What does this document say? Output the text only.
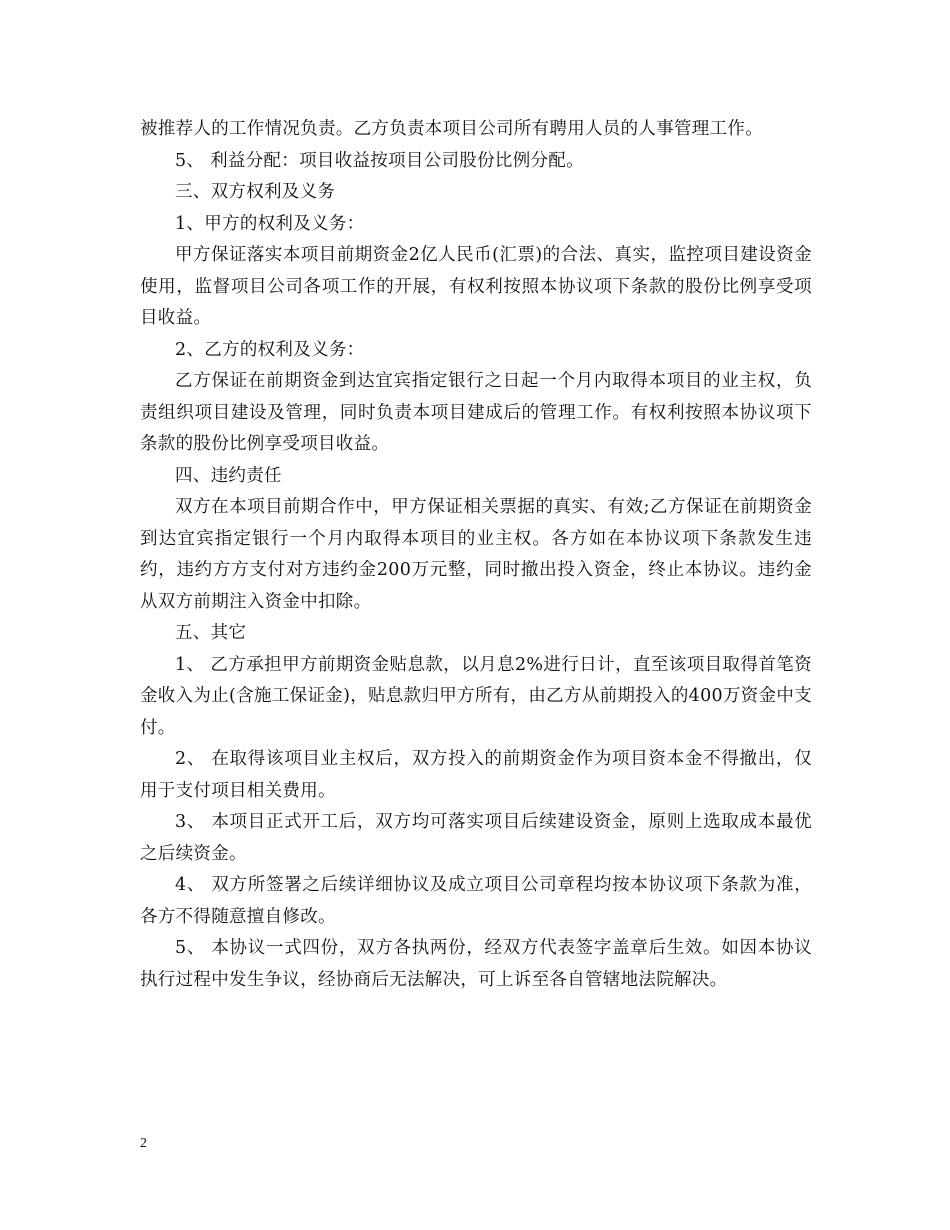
被推荐人的工作情况负责。乙方负责本项目公司所有聘用人员的人事管理工作。

5、 利益分配：项目收益按项目公司股份比例分配。

三、双方权利及义务

1、甲方的权利及义务：

甲方保证落实本项目前期资金2亿人民币(汇票)的合法、真实，监控项目建设资金使用，监督项目公司各项工作的开展，有权利按照本协议项下条款的股份比例享受项目收益。

2、乙方的权利及义务：

乙方保证在前期资金到达宜宾指定银行之日起一个月内取得本项目的业主权，负责组织项目建设及管理，同时负责本项目建成后的管理工作。有权利按照本协议项下条款的股份比例享受项目收益。

四、违约责任

双方在本项目前期合作中，甲方保证相关票据的真实、有效;乙方保证在前期资金到达宜宾指定银行一个月内取得本项目的业主权。各方如在本协议项下条款发生违约，违约方方支付对方违约金200万元整，同时撤出投入资金，终止本协议。违约金从双方前期注入资金中扣除。

五、其它

1、 乙方承担甲方前期资金贴息款，以月息2%进行日计，直至该项目取得首笔资金收入为止(含施工保证金)，贴息款归甲方所有，由乙方从前期投入的400万资金中支付。

2、 在取得该项目业主权后，双方投入的前期资金作为项目资本金不得撤出，仅用于支付项目相关费用。

3、 本项目正式开工后，双方均可落实项目后续建设资金，原则上选取成本最优之后续资金。

4、 双方所签署之后续详细协议及成立项目公司章程均按本协议项下条款为准，各方不得随意擅自修改。

5、 本协议一式四份，双方各执两份，经双方代表签字盖章后生效。如因本协议执行过程中发生争议，经协商后无法解决，可上诉至各自管辖地法院解决。

2
